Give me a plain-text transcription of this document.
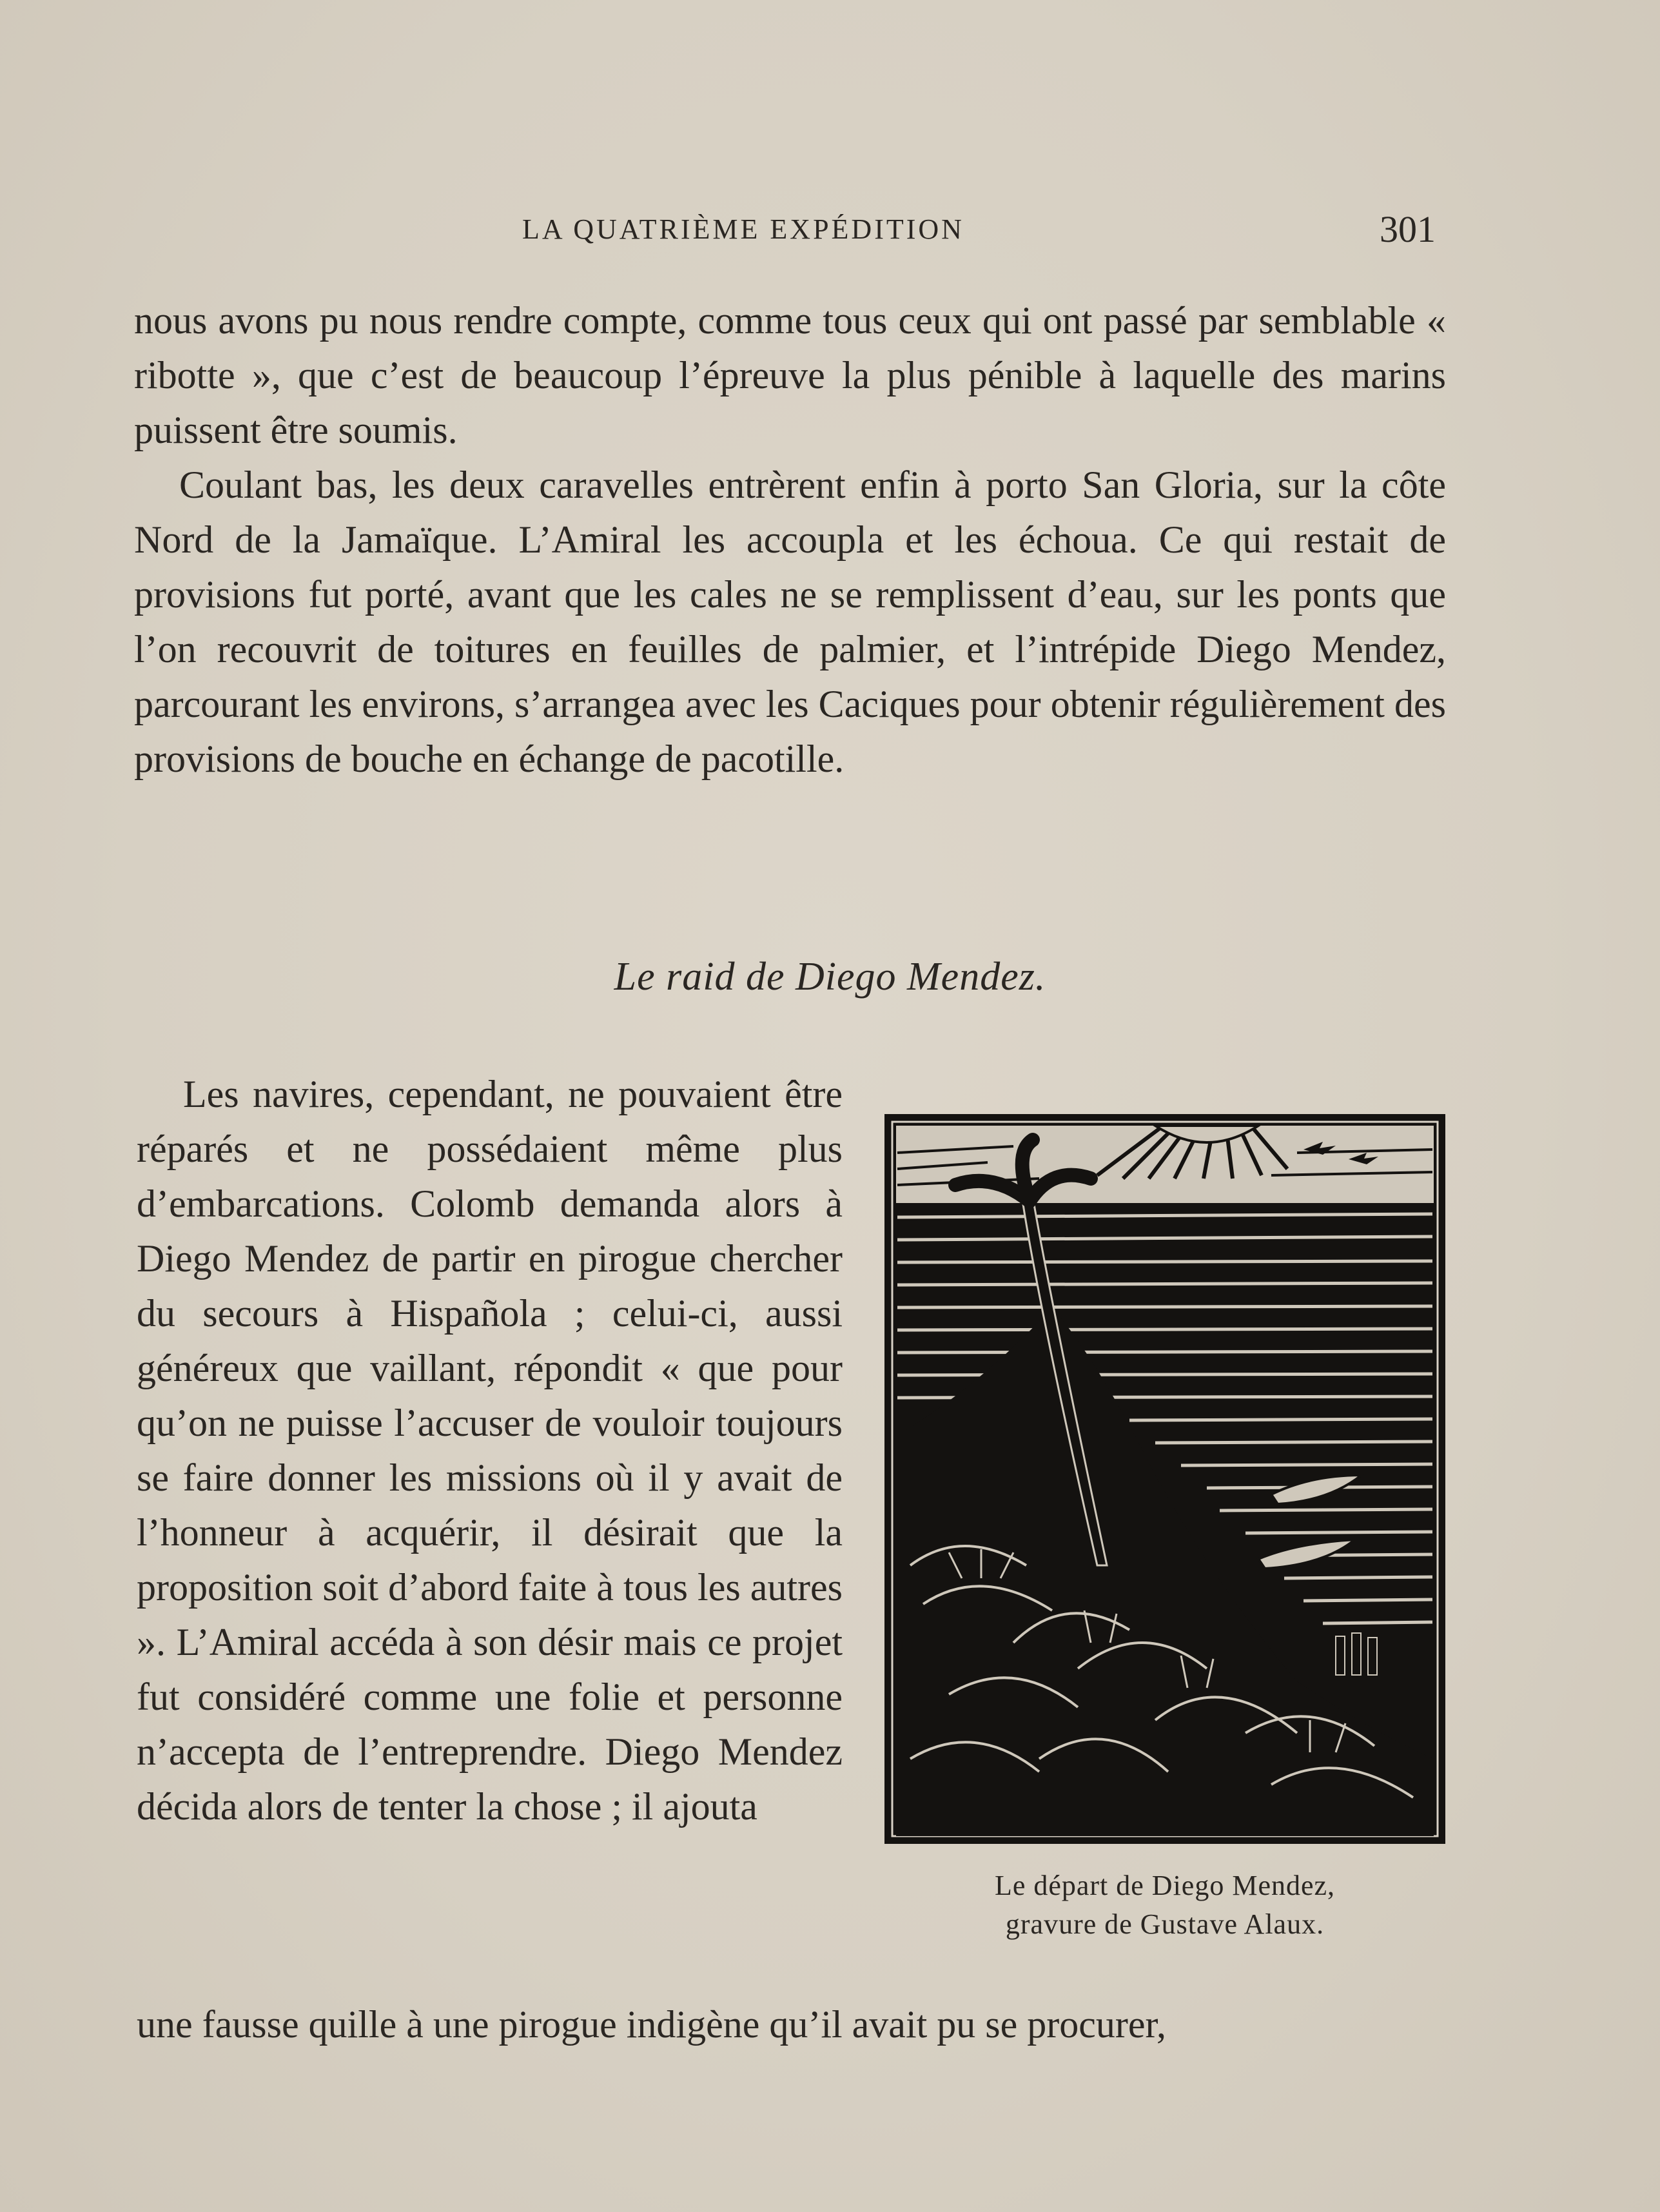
LA QUATRIÈME EXPÉDITION	301

nous avons pu nous rendre compte, comme tous ceux qui ont passé par semblable « ribotte », que c’est de beaucoup l’épreuve la plus pénible à laquelle des marins puissent être soumis.

Coulant bas, les deux caravelles entrèrent enfin à porto San Gloria, sur la côte Nord de la Jamaïque. L’Amiral les accoupla et les échoua. Ce qui restait de provisions fut porté, avant que les cales ne se remplissent d’eau, sur les ponts que l’on recouvrit de toitures en feuilles de palmier, et l’intrépide Diego Mendez, parcourant les environs, s’arrangea avec les Caciques pour obtenir régulièrement des provisions de bouche en échange de pacotille.

Le raid de Diego Mendez.

Les navires, cependant, ne pouvaient être réparés et ne possédaient même plus d’embarcations. Colomb demanda alors à Diego Mendez de partir en pirogue chercher du secours à Hispañola ; celui-ci, aussi généreux que vaillant, répondit « que pour qu’on ne puisse l’accuser de vouloir toujours se faire donner les missions où il y avait de l’honneur à acquérir, il désirait que la proposition soit d’abord faite à tous les autres ». L’Amiral accéda à son désir mais ce projet fut considéré comme une folie et personne n’accepta de l’entreprendre. Diego Mendez décida alors de tenter la chose ; il ajouta

une fausse quille à une pirogue indigène qu’il avait pu se procurer,

Le départ de Diego Mendez,
gravure de Gustave Alaux.
